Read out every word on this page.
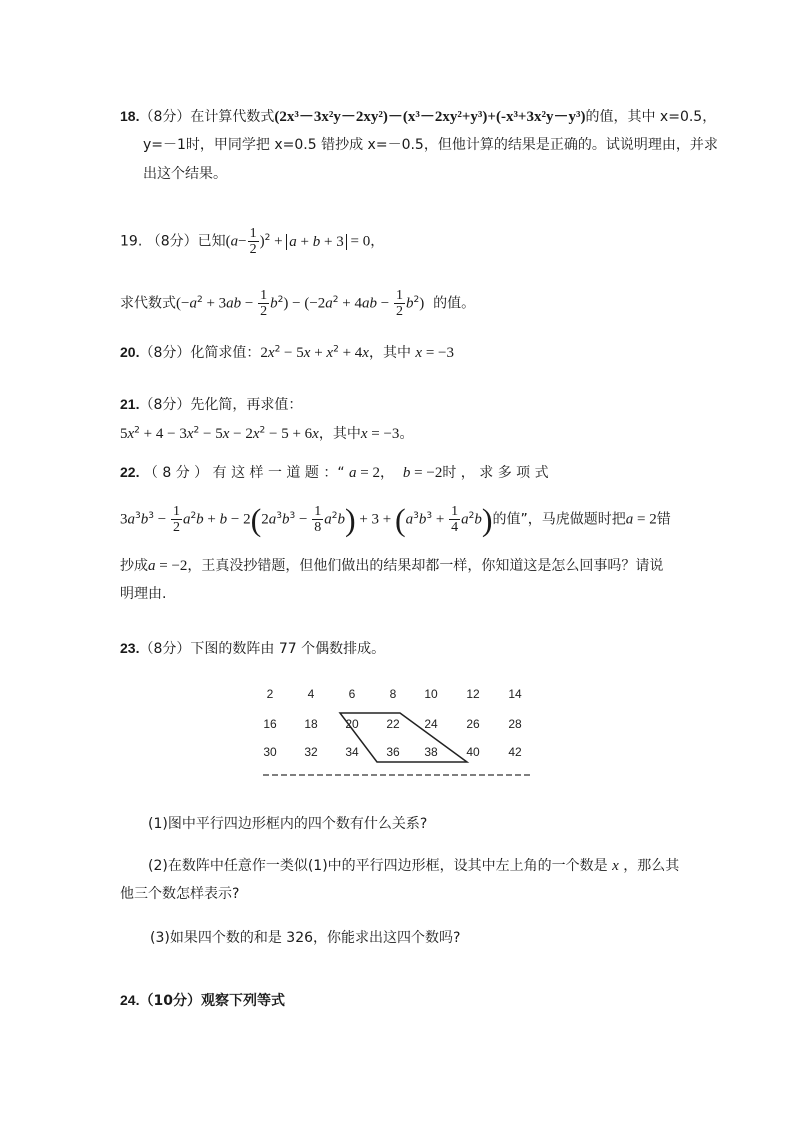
18.（8分）在计算代数式(2x³－3x²y－2xy²)－(x³－2xy²+y³)+(-x³+3x²y－y³)的值，其中 x=0.5，
y=－1时，甲同学把 x=0.5 错抄成 x=－0.5，但他计算的结果是正确的。试说明理由，并求
出这个结果。
19. （8分）已知$(a- \frac{1}{2} )^2 + a + b + 3 = 0$，
求代数式$(-a^2 + 3ab - \frac{1}{2} b^2) - (-2a^2 + 4ab - \frac{1}{2} b^2)$ 的值。
20.（8分）化简求值：$2x^2 - 5x + x^2 + 4x$，其中 x = −3
21.（8分）先化简，再求值：
$5x^2 + 4 - 3x^2 - 5x - 2x^2 - 5 + 6x$，其中x = −3。
22. （ 8 分 ） 有 这 样 一 道 题 ：“ a = 2，  b = −2时 ， 求 多 项 式
$3a^3b^3 - \frac{1}{2} a^2b + b - 2(2a^3b^3 - \frac{1}{8} a^2b) + 3 + (a^3b^3 + \frac{1}{4} a^2b)$的值”，马虎做题时把a = 2错
抄成a = −2，王真没抄错题，但他们做出的结果却都一样，你知道这是怎么回事吗？请说
明理由.
23.（8分）下图的数阵由 77 个偶数排成。
2	4	6	8 10 12 14
16 18 20 22 24 26 28
30 32 34 36 38 40 42
(1)图中平行四边形框内的四个数有什么关系?
(2)在数阵中任意作一类似(1)中的平行四边形框，设其中左上角的一个数是 x ，那么其
他三个数怎样表示?
(3)如果四个数的和是 326，你能求出这四个数吗?
24.（10分）观察下列等式
